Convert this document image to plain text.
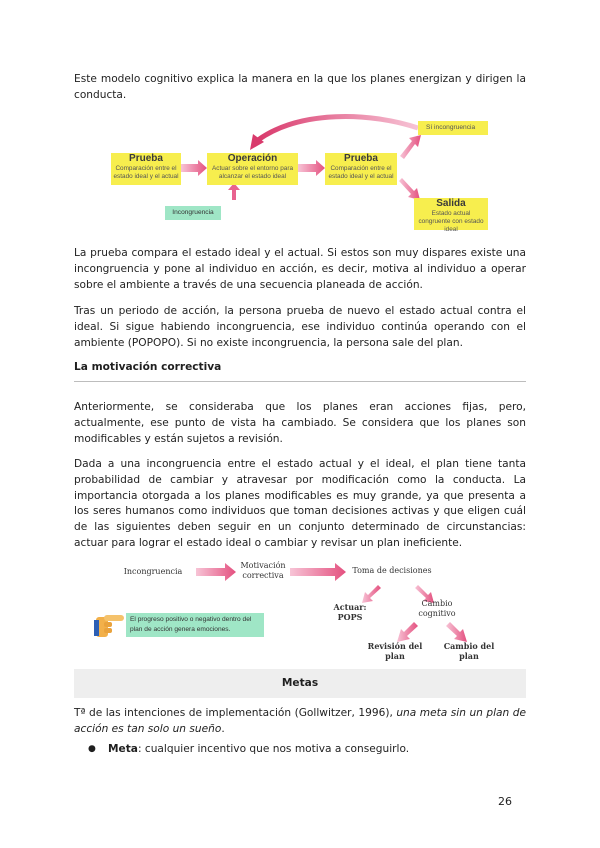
Este modelo cognitivo explica la manera en la que los planes energizan y dirigen la conducta.

Prueba
Comparación entre el estado ideal y el actual
Operación
Actuar sobre el entorno para alcanzar el estado ideal
Prueba
Comparación entre el estado ideal y el actual
Sí incongruencia
Salida
Estado actual congruente con estado ideal
Incongruencia

La prueba compara el estado ideal y el actual. Si estos son muy dispares existe una incongruencia y pone al individuo en acción, es decir, motiva al individuo a operar sobre el ambiente a través de una secuencia planeada de acción.

Tras un periodo de acción, la persona prueba de nuevo el estado actual contra el ideal. Si sigue habiendo incongruencia, ese individuo continúa operando con el ambiente (POPOPO). Si no existe incongruencia, la persona sale del plan.

La motivación correctiva

Anteriormente, se consideraba que los planes eran acciones fijas, pero, actualmente, ese punto de vista ha cambiado. Se considera que los planes son modificables y están sujetos a revisión.

Dada a una incongruencia entre el estado actual y el ideal, el plan tiene tanta probabilidad de cambiar y atravesar por modificación como la conducta. La importancia otorgada a los planes modificables es muy grande, ya que presenta a los seres humanos como individuos que toman decisiones activas y que eligen cuál de las siguientes deben seguir en un conjunto determinado de circunstancias: actuar para lograr el estado ideal o cambiar y revisar un plan ineficiente.

Incongruencia
Motivación correctiva
Toma de decisiones
Actuar: POPS
Cambio cognitivo
Revisión del plan
Cambio del plan
El progreso positivo o negativo dentro del plan de acción genera emociones.
Metas

Tª de las intenciones de implementación (Gollwitzer, 1996), una meta sin un plan de acción es tan solo un sueño.

● Meta: cualquier incentivo que nos motiva a conseguirlo.

26
